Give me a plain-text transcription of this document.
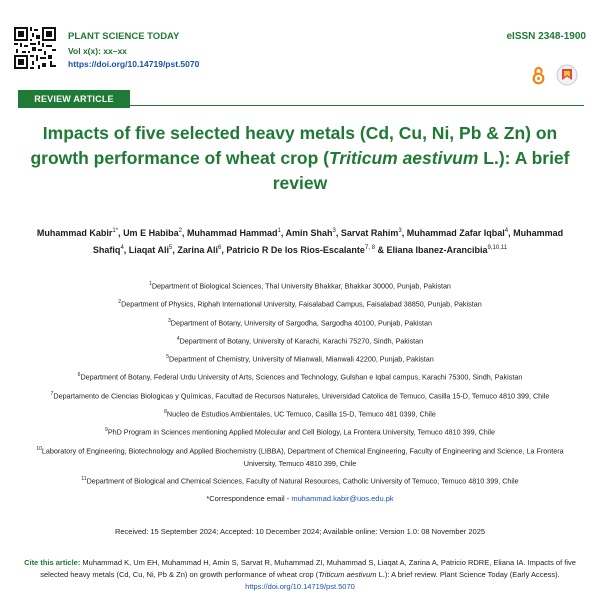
PLANT SCIENCE TODAY
Vol x(x): xx–xx
https://doi.org/10.14719/pst.5070
eISSN 2348-1900
REVIEW ARTICLE
Impacts of five selected heavy metals (Cd, Cu, Ni, Pb & Zn) on growth performance of wheat crop (Triticum aestivum L.): A brief review
Muhammad Kabir$^{1*}$, Um E Habiba$^2$, Muhammad Hammad$^1$, Amin Shah$^3$, Sarvat Rahim$^3$, Muhammad Zafar Iqbal$^4$, Muhammad Shafiq$^4$, Liaqat Ali$^5$, Zarina Ali$^6$, Patricio R De los Rios-Escalante$^{7, 8}$ & Eliana Ibanez-Arancibia$^{9,10,11}$
$^1$Department of Biological Sciences, Thal University Bhakkar, Bhakkar 30000, Punjab, Pakistan
$^2$Department of Physics, Riphah International University, Faisalabad Campus, Faisalabad 38850, Punjab, Pakistan
$^3$Department of Botany, University of Sargodha, Sargodha 40100, Punjab, Pakistan
$^4$Department of Botany, University of Karachi, Karachi 75270, Sindh, Pakistan
$^5$Department of Chemistry, University of Mianwali, Mianwali 42200, Punjab, Pakistan
$^6$Department of Botany, Federal Urdu University of Arts, Sciences and Technology, Gulshan e Iqbal campus, Karachi 75300, Sindh, Pakistan
$^7$Departamento de Ciencias Biologicas y Químicas, Facultad de Recursos Naturales, Universidad Catolica de Temuco, Casilla 15-D, Temuco 4810 399, Chile
$^8$Nucleo de Estudios Ambientales, UC Temuco, Casilla 15-D, Temuco 481 0399, Chile
$^9$PhD Program in Sciences mentioning Applied Molecular and Cell Biology, La Frontera University, Temuco 4810 399, Chile
$^{10}$Laboratory of Engineering, Biotechnology and Applied Biochemistry (LIBBA), Department of Chemical Engineering, Faculty of Engineering and Science, La Frontera University, Temuco 4810 399, Chile
$^{11}$Department of Biological and Chemical Sciences, Faculty of Natural Resources, Catholic University of Temuco, Temuco 4810 399, Chile
*Correspondence email - muhammad.kabir@uos.edu.pk
Received: 15 September 2024; Accepted: 10 December 2024; Available online: Version 1.0: 08 November 2025
Cite this article: Muhammad K, Um EH, Muhammad H, Amin S, Sarvat R, Muhammad ZI, Muhammad S, Liaqat A, Zarina A, Patricio RDRE, Eliana IA. Impacts of five selected heavy metals (Cd, Cu, Ni, Pb & Zn) on growth performance of wheat crop (Triticum aestivum L.): A brief review. Plant Science Today (Early Access). https://doi.org/10.14719/pst.5070
